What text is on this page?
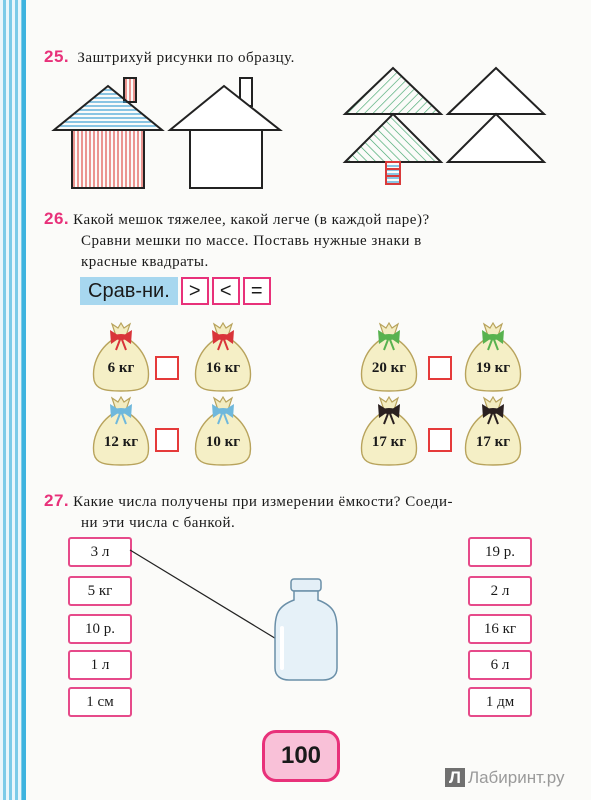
25. Заштрихуй рисунки по образцу.
26. Какой мешок тяжелее, какой легче (в каждой паре)?
Сравни мешки по массе. Поставь нужные знаки в
красные квадраты.
Срав-ни. > < =
6 кг	16 кг	20 кг	19 кг
12 кг	10 кг	17 кг	17 кг
27. Какие числа получены при измерении ёмкости? Соеди-
ни эти числа с банкой.
3 л
5 кг
10 р.
1 л
1 см
19 р.
2 л
16 кг
6 л
1 дм
100
Л Лабиринт.ру
